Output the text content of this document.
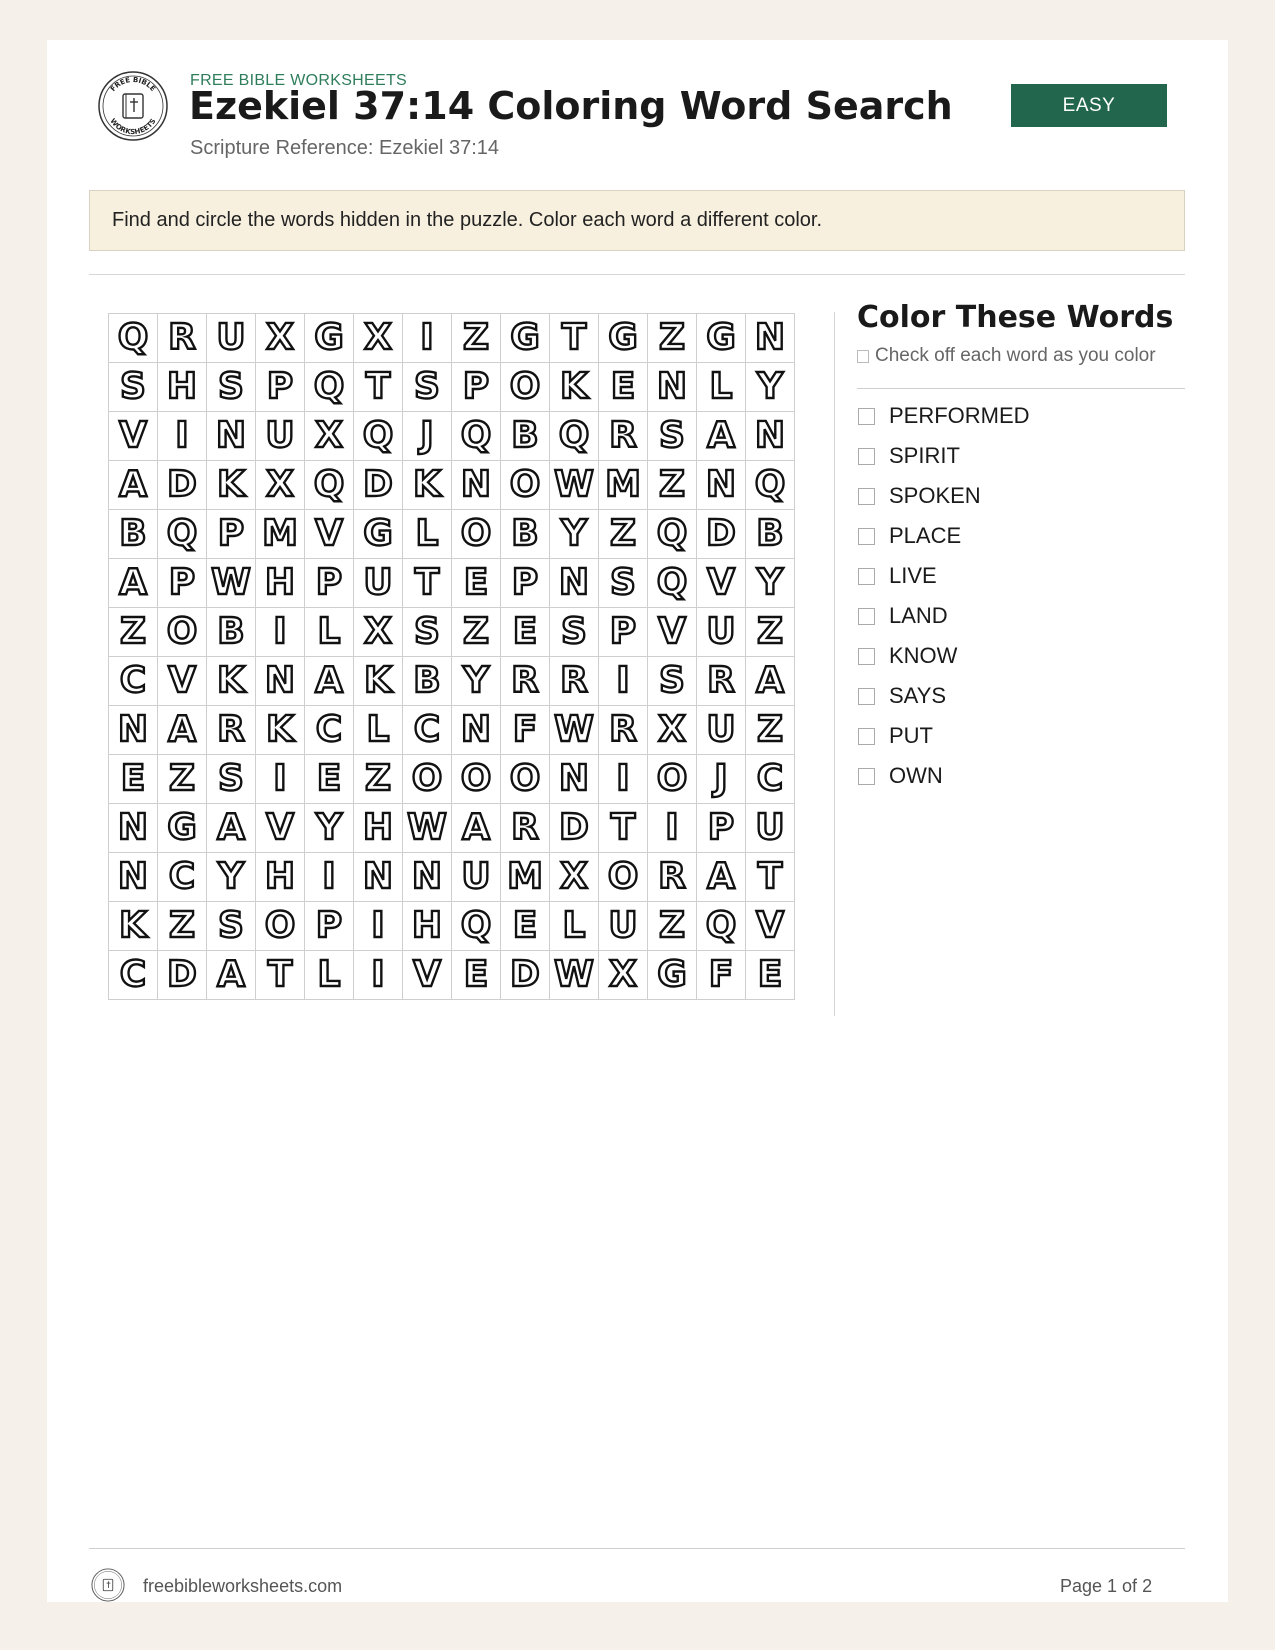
FREE BIBLE
WORKSHEETS
FREE BIBLE WORKSHEETS
Ezekiel 37:14 Coloring Word Search
Scripture Reference: Ezekiel 37:14
EASY
Find and circle the words hidden in the puzzle. Color each word a different color.
Q R U X G X I Z G T G Z G N
S H S P Q T S P O K E N L Y
V I N U X Q J Q B Q R S A N
A D K X Q D K N O W M Z N Q
B Q P M V G L O B Y Z Q D B
A P W H P U T E P N S Q V Y
Z O B I L X S Z E S P V U Z
C V K N A K B Y R R I S R A
N A R K C L C N F W R X U Z
E Z S I E Z O O O N I O J C
N G A V Y H W A R D T I P U
N C Y H I N N U M X O R A T
K Z S O P I H Q E L U Z Q V
C D A T L I V E D W X G F E
Color These Words
Check off each word as you color
PERFORMED
SPIRIT
SPOKEN
PLACE
LIVE
LAND
KNOW
SAYS
PUT
OWN
freebibleworksheets.com	Page 1 of 2
